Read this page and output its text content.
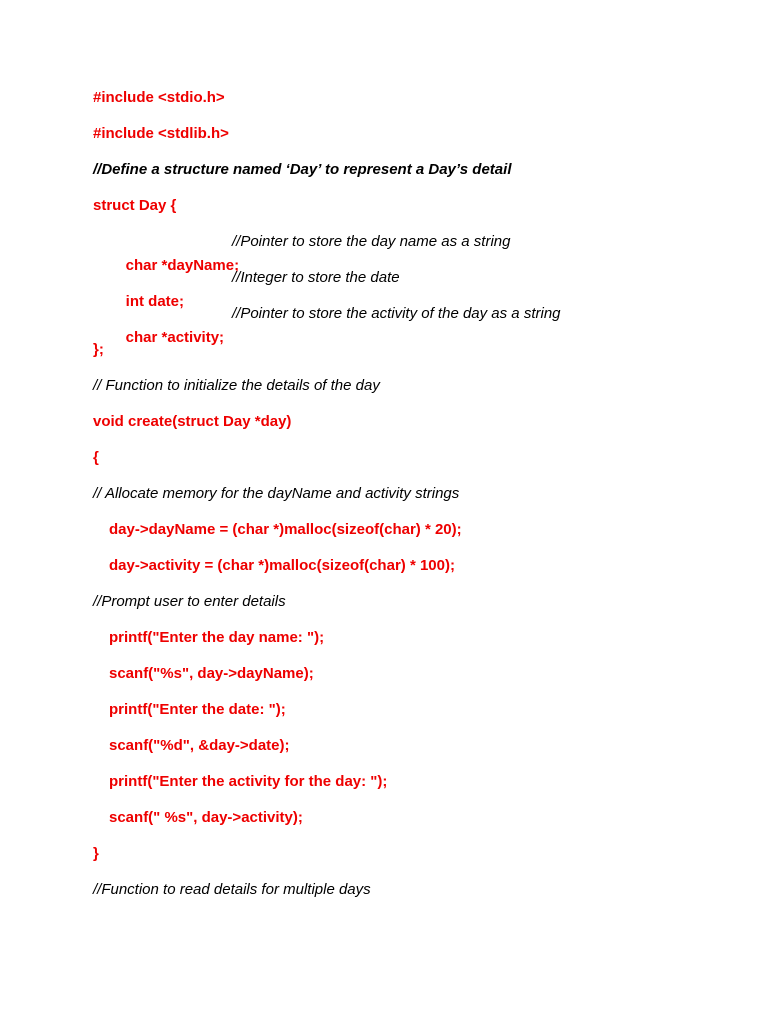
#include <stdio.h>
#include <stdlib.h>
//Define a structure named ‘Day’ to represent a Day’s detail
struct Day {

char *dayName;

//Pointer to store the day name as a string

int date;

//Integer to store the date

char *activity;

//Pointer to store the activity of the day as a string
};
// Function to initialize the details of the day
void create(struct Day *day)
{
// Allocate memory for the dayName and activity strings
day->dayName = (char *)malloc(sizeof(char) * 20);
day->activity = (char *)malloc(sizeof(char) * 100);
//Prompt user to enter details
printf("Enter the day name: ");
scanf("%s", day->dayName);
printf("Enter the date: ");
scanf("%d", &day->date);
printf("Enter the activity for the day: ");
scanf(" %s", day->activity);
}
//Function to read details for multiple days
